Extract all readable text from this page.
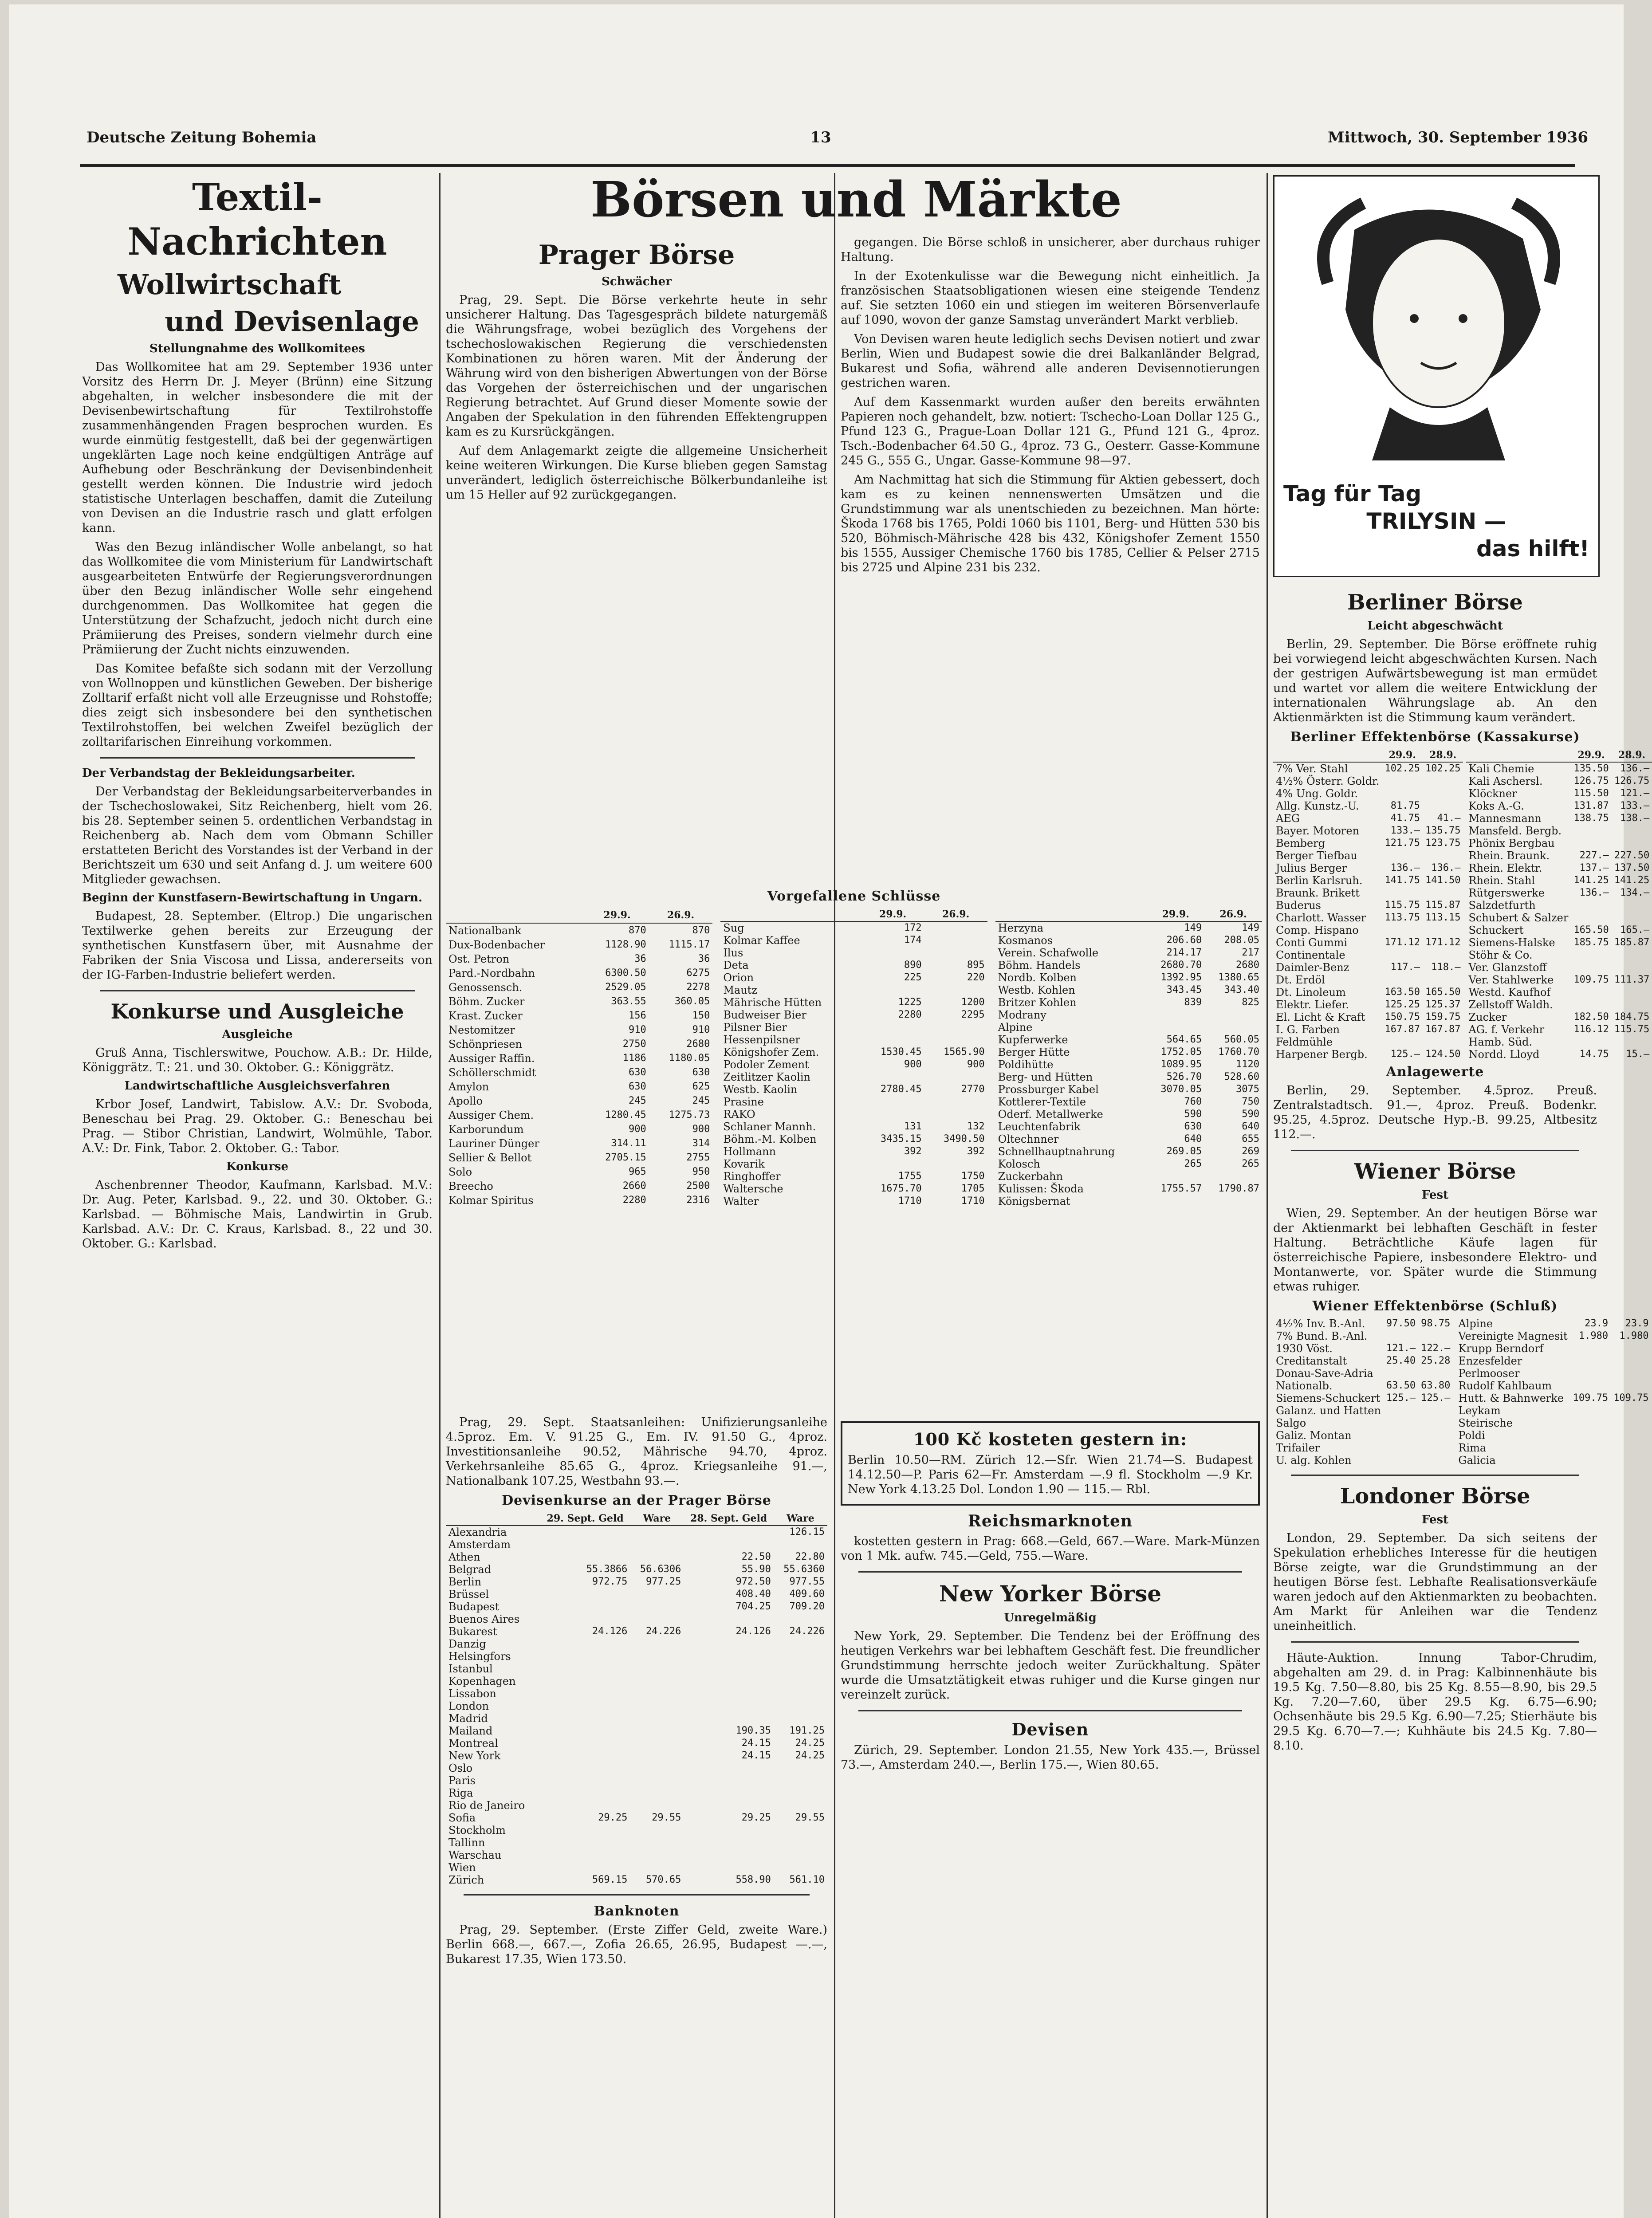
Deutsche Zeitung Bohemia	13	Mittwoch, 30. September 1936
Textil-Nachrichten
Wollwirtschaft
und Devisenlage
Stellungnahme des Wollkomitees

Das Wollkomitee hat am 29. September 1936 unter Vorsitz des Herrn Dr. J. Meyer (Brünn) eine Sitzung abgehalten, in welcher insbesondere die mit der Devisenbewirtschaftung für Textilrohstoffe zusammenhängenden Fragen besprochen wurden. Es wurde einmütig festgestellt, daß bei der gegenwärtigen ungeklärten Lage noch keine endgültigen Anträge auf Aufhebung oder Beschränkung der Devisenbindenheit gestellt werden können. Die Industrie wird jedoch statistische Unterlagen beschaffen, damit die Zuteilung von Devisen an die Industrie rasch und glatt erfolgen kann.

Was den Bezug inländischer Wolle anbelangt, so hat das Wollkomitee die vom Ministerium für Landwirtschaft ausgearbeiteten Entwürfe der Regierungsverordnungen über den Bezug inländischer Wolle sehr eingehend durchgenommen. Das Wollkomitee hat gegen die Unterstützung der Schafzucht, jedoch nicht durch eine Prämiierung des Preises, sondern vielmehr durch eine Prämiierung der Zucht nichts einzuwenden.

Das Komitee befaßte sich sodann mit der Verzollung von Wollnoppen und künstlichen Geweben. Der bisherige Zolltarif erfaßt nicht voll alle Erzeugnisse und Rohstoffe; dies zeigt sich insbesondere bei den synthetischen Textilrohstoffen, bei welchen Zweifel bezüglich der zolltarifarischen Einreihung vorkommen.

Der Verbandstag der Bekleidungsarbeiter.

Der Verbandstag der Bekleidungsarbeiterverbandes in der Tschechoslowakei, Sitz Reichenberg, hielt vom 26. bis 28. September seinen 5. ordentlichen Verbandstag in Reichenberg ab. Nach dem vom Obmann Schiller erstatteten Bericht des Vorstandes ist der Verband in der Berichtszeit um 630 und seit Anfang d. J. um weitere 600 Mitglieder gewachsen.

Beginn der Kunstfasern-Bewirtschaftung in Ungarn.

Budapest, 28. September. (Eltrop.) Die ungarischen Textilwerke gehen bereits zur Erzeugung der synthetischen Kunstfasern über, mit Ausnahme der Fabriken der Snia Viscosa und Lissa, andererseits von der IG-Farben-Industrie beliefert werden.

Konkurse und Ausgleiche
Ausgleiche

Gruß Anna, Tischlerswitwe, Pouchow. A.B.: Dr. Hilde, Königgrätz. T.: 21. und 30. Oktober. G.: Königgrätz.

Landwirtschaftliche Ausgleichsverfahren

Krbor Josef, Landwirt, Tabislow. A.V.: Dr. Svoboda, Beneschau bei Prag. 29. Oktober. G.: Beneschau bei Prag. — Stibor Christian, Landwirt, Wolmühle, Tabor. A.V.: Dr. Fink, Tabor. 2. Oktober. G.: Tabor.

Konkurse

Aschenbrenner Theodor, Kaufmann, Karlsbad. M.V.: Dr. Aug. Peter, Karlsbad. 9., 22. und 30. Oktober. G.: Karlsbad. — Böhmische Mais, Landwirtin in Grub. Karlsbad. A.V.: Dr. C. Kraus, Karlsbad. 8., 22 und 30. Oktober. G.: Karlsbad.

Börsen und Märkte
Prager Börse
Schwächer

Prag, 29. Sept. Die Börse verkehrte heute in sehr unsicherer Haltung. Das Tagesgespräch bildete naturgemäß die Währungsfrage, wobei bezüglich des Vorgehens der tschechoslowakischen Regierung die verschiedensten Kombinationen zu hören waren. Mit der Änderung der Währung wird von den bisherigen Abwertungen von der Börse das Vorgehen der österreichischen und der ungarischen Regierung betrachtet. Auf Grund dieser Momente sowie der Angaben der Spekulation in den führenden Effektengruppen kam es zu Kursrückgängen.

Auf dem Anlagemarkt zeigte die allgemeine Unsicherheit keine weiteren Wirkungen. Die Kurse blieben gegen Samstag unverändert, lediglich österreichische Bölkerbundanleihe ist um 15 Heller auf 92 zurückgegangen.

gegangen. Die Börse schloß in unsicherer, aber durchaus ruhiger Haltung.

In der Exotenkulisse war die Bewegung nicht einheitlich. Ja französischen Staatsobligationen wiesen eine steigende Tendenz auf. Sie setzten 1060 ein und stiegen im weiteren Börsenverlaufe auf 1090, wovon der ganze Samstag unverändert Markt verblieb.

Von Devisen waren heute lediglich sechs Devisen notiert und zwar Berlin, Wien und Budapest sowie die drei Balkanländer Belgrad, Bukarest und Sofia, während alle anderen Devisennotierungen gestrichen waren.

Auf dem Kassenmarkt wurden außer den bereits erwähnten Papieren noch gehandelt, bzw. notiert: Tschecho-Loan Dollar 125 G., Pfund 123 G., Prague-Loan Dollar 121 G., Pfund 121 G., 4proz. Tsch.-Bodenbacher 64.50 G., 4proz. 73 G., Oesterr. Gasse-Kommune 245 G., 555 G., Ungar. Gasse-Kommune 98—97.

Am Nachmittag hat sich die Stimmung für Aktien gebessert, doch kam es zu keinen nennenswerten Umsätzen und die Grundstimmung war als unentschieden zu bezeichnen. Man hörte: Škoda 1768 bis 1765, Poldi 1060 bis 1101, Berg- und Hütten 530 bis 520, Böhmisch-Mährische 428 bis 432, Königshofer Zement 1550 bis 1555, Aussiger Chemische 1760 bis 1785, Cellier & Pelser 2715 bis 2725 und Alpine 231 bis 232.

Vorgefallene Schlüsse
	29.9.	26.9.
Nationalbank	870	870
Dux-Bodenbacher	1128.90	1115.17
Ost. Petron	36	36
Pard.-Nordbahn	6300.50	6275
Genossensch.	2529.05	2278
Böhm. Zucker	363.55	360.05
Krast. Zucker	156	150
Nestomitzer	910	910
Schönpriesen	2750	2680
Aussiger Raffin.	1186	1180.05
Schöllerschmidt	630	630
Amylon	630	625
Apollo	245	245
Aussiger Chem.	1280.45	1275.73
Karborundum	900	900
Lauriner Dünger	314.11	314
Sellier & Bellot	2705.15	2755
Solo	965	950
Breecho	2660	2500
Kolmar Spiritus	2280	2316
	29.9.	26.9.
Sug	172	
Kolmar Kaffee	174	
Ilus		
Deta	890	895
Orion	225	220
Mautz		
Mährische Hütten	1225	1200
Budweiser Bier	2280	2295
Pilsner Bier		
Hessenpilsner		
Königshofer Zem.	1530.45	1565.90
Podoler Zement	900	900
Zeitlitzer Kaolin		
Westb. Kaolin	2780.45	2770
Prasine		
RAKO		
Schlaner Mannh.	131	132
Böhm.-M. Kolben	3435.15	3490.50
Hollmann	392	392
Kovarik		
Ringhoffer	1755	1750
Waltersche	1675.70	1705
Walter	1710	1710
	29.9.	26.9.
Herzyna	149	149
Kosmanos	206.60	208.05
Verein. Schafwolle	214.17	217
Böhm. Handels	2680.70	2680
Nordb. Kolben	1392.95	1380.65
Westb. Kohlen	343.45	343.40
Britzer Kohlen	839	825
Modrany		
Alpine		
Kupferwerke	564.65	560.05
Berger Hütte	1752.05	1760.70
Poldihütte	1089.95	1120
Berg- und Hütten	526.70	528.60
Prossburger Kabel	3070.05	3075
Kottlerer-Textile	760	750
Oderf. Metallwerke	590	590
Leuchtenfabrik	630	640
Oltechnner	640	655
Schnellhauptnahrung	269.05	269
Kolosch	265	265
Zuckerbahn		
Kulissen: Škoda	1755.57	1790.87
Königsbernat		

Prag, 29. Sept. Staatsanleihen: Unifizierungsanleihe 4.5proz. Em. V. 91.25 G., Em. IV. 91.50 G., 4proz. Investitionsanleihe 90.52, Mährische 94.70, 4proz. Verkehrsanleihe 85.65 G., 4proz. Kriegsanleihe 91.—, Nationalbank 107.25, Westbahn 93.—.

Devisenkurse an der Prager Börse
	29. Sept. Geld	Ware	28. Sept. Geld	Ware
Alexandria				126.15
Amsterdam				
Athen			22.50	22.80
Belgrad	55.3866	56.6306	55.90	55.6360
Berlin	972.75	977.25	972.50	977.55
Brüssel			408.40	409.60
Budapest			704.25	709.20
Buenos Aires				
Bukarest	24.126	24.226	24.126	24.226
Danzig				
Helsingfors				
Istanbul				
Kopenhagen				
Lissabon				
London				
Madrid				
Mailand			190.35	191.25
Montreal			24.15	24.25
New York			24.15	24.25
Oslo				
Paris				
Riga				
Rio de Janeiro				
Sofia	29.25	29.55	29.25	29.55
Stockholm				
Tallinn				
Warschau				
Wien				
Zürich	569.15	570.65	558.90	561.10
Banknoten

Prag, 29. September. (Erste Ziffer Geld, zweite Ware.) Berlin 668.—, 667.—, Zofia 26.65, 26.95, Budapest —.—, Bukarest 17.35, Wien 173.50.

100 Kč kosteten gestern in:

Berlin 10.50—RM. Zürich 12.—Sfr. Wien 21.74—S. Budapest 14.12.50—P. Paris 62—Fr. Amsterdam —.9 fl. Stockholm —.9 Kr. New York 4.13.25 Dol. London 1.90 — 115.— Rbl.

Reichsmarknoten

kostetten gestern in Prag: 668.—Geld, 667.—Ware. Mark-Münzen von 1 Mk. aufw. 745.—Geld, 755.—Ware.

New Yorker Börse
Unregelmäßig

New York, 29. September. Die Tendenz bei der Eröffnung des heutigen Verkehrs war bei lebhaftem Geschäft fest. Die freundlicher Grundstimmung herrschte jedoch weiter Zurückhaltung. Später wurde die Umsatztätigkeit etwas ruhiger und die Kurse gingen nur vereinzelt zurück.

Devisen

Zürich, 29. September. London 21.55, New York 435.—, Brüssel 73.—, Amsterdam 240.—, Berlin 175.—, Wien 80.65.

Tag für Tag
TRILYSIN —
das hilft!
Berliner Börse
Leicht abgeschwächt

Berlin, 29. September. Die Börse eröffnete ruhig bei vorwiegend leicht abgeschwächten Kursen. Nach der gestrigen Aufwärtsbewegung ist man ermüdet und wartet vor allem die weitere Entwicklung der internationalen Währungslage ab. An den Aktienmärkten ist die Stimmung kaum verändert.

Berliner Effektenbörse (Kassakurse)
	29.9.	28.9.
7% Ver. Stahl	102.25	102.25
4½% Österr. Goldr.		
4% Ung. Goldr.		
Allg. Kunstz.-U.	81.75	
AEG	41.75	41.—
Bayer. Motoren	133.—	135.75
Bemberg	121.75	123.75
Berger Tiefbau		
Julius Berger	136.—	136.—
Berlin Karlsruh.	141.75	141.50
Braunk. Brikett		
Buderus	115.75	115.87
Charlott. Wasser	113.75	113.15
Comp. Hispano		
Conti Gummi	171.12	171.12
Continentale		
Daimler-Benz	117.—	118.—
Dt. Erdöl		
Dt. Linoleum	163.50	165.50
Elektr. Liefer.	125.25	125.37
El. Licht & Kraft	150.75	159.75
I. G. Farben	167.87	167.87
Feldmühle		
Harpener Bergb.	125.—	124.50
	29.9.	28.9.
Kali Chemie	135.50	136.—
Kali Aschersl.	126.75	126.75
Klöckner	115.50	121.—
Koks A.-G.	131.87	133.—
Mannesmann	138.75	138.—
Mansfeld. Bergb.		
Phönix Bergbau		
Rhein. Braunk.	227.—	227.50
Rhein. Elektr.	137.—	137.50
Rhein. Stahl	141.25	141.25
Rütgerswerke	136.—	134.—
Salzdetfurth		
Schubert & Salzer		
Schuckert	165.50	165.—
Siemens-Halske	185.75	185.87
Stöhr & Co.		
Ver. Glanzstoff		
Ver. Stahlwerke	109.75	111.37
Westd. Kaufhof		
Zellstoff Waldh.		
Zucker	182.50	184.75
AG. f. Verkehr	116.12	115.75
Hamb. Süd.		
Nordd. Lloyd	14.75	15.—
Anlagewerte

Berlin, 29. September. 4.5proz. Preuß. Zentralstadtsch. 91.—, 4proz. Preuß. Bodenkr. 95.25, 4.5proz. Deutsche Hyp.-B. 99.25, Altbesitz 112.—.

Wiener Börse
Fest

Wien, 29. September. An der heutigen Börse war der Aktienmarkt bei lebhaften Geschäft in fester Haltung. Beträchtliche Käufe lagen für österreichische Papiere, insbesondere Elektro- und Montanwerte, vor. Später wurde die Stimmung etwas ruhiger.

Wiener Effektenbörse (Schluß)
4½% Inv. B.-Anl.	97.50	98.75
7% Bund. B.-Anl.		
1930 Vöst.	121.—	122.—
Creditanstalt	25.40	25.28
Donau-Save-Adria		
Nationalb.	63.50	63.80
Siemens-Schuckert	125.—	125.—
Galanz. und Hatten		
Salgo		
Galiz. Montan		
Trifailer		
U. alg. Kohlen		
Alpine	23.9	23.9
Vereinigte Magnesit	1.980	1.980
Krupp Berndorf		
Enzesfelder		
Perlmooser		
Rudolf Kahlbaum		
Hutt. & Bahnwerke	109.75	109.75
Leykam		
Steirische		
Poldi		
Rima		
Galicia		
Londoner Börse
Fest

London, 29. September. Da sich seitens der Spekulation erhebliches Interesse für die heutigen Börse zeigte, war die Grundstimmung an der heutigen Börse fest. Lebhafte Realisationsverkäufe waren jedoch auf den Aktienmarkten zu beobachten. Am Markt für Anleihen war die Tendenz uneinheitlich.

Häute-Auktion. Innung Tabor-Chrudim, abgehalten am 29. d. in Prag: Kalbinnenhäute bis 19.5 Kg. 7.50—8.80, bis 25 Kg. 8.55—8.90, bis 29.5 Kg. 7.20—7.60, über 29.5 Kg. 6.75—6.90; Ochsenhäute bis 29.5 Kg. 6.90—7.25; Stierhäute bis 29.5 Kg. 6.70—7.—; Kuhhäute bis 24.5 Kg. 7.80—8.10.
